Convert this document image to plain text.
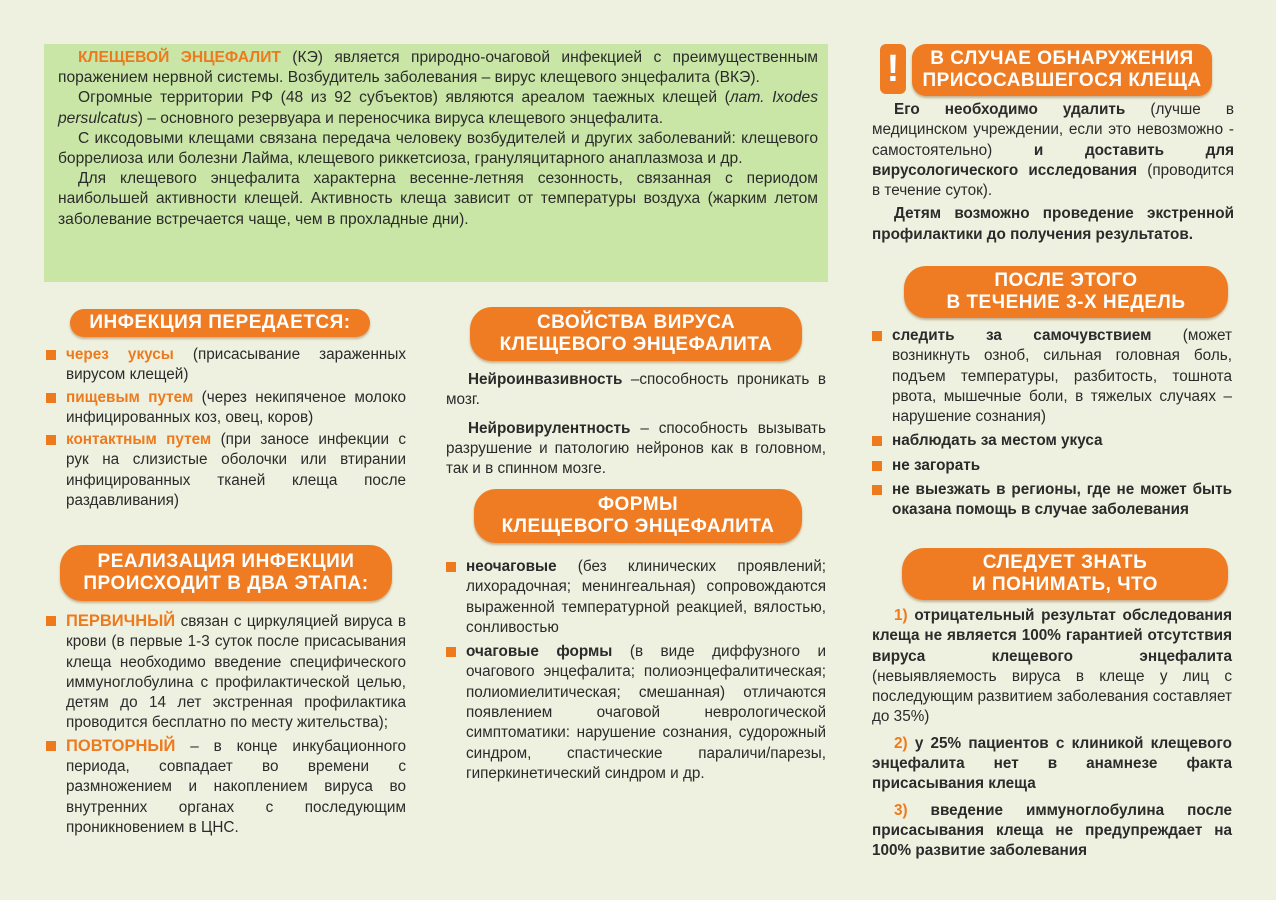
КЛЕЩЕВОЙ ЭНЦЕФАЛИТ (КЭ) является природно-очаговой инфекцией с преимущественным поражением нервной системы. Возбудитель заболевания – вирус клещевого энцефалита (ВКЭ).

Огромные территории РФ (48 из 92 субъектов) являются ареалом таежных клещей (лат. Ixodes persulcatus) – основного резервуара и переносчика вируса клещевого энцефалита.

С иксодовыми клещами связана передача человеку возбудителей и других заболеваний: клещевого боррелиоза или болезни Лайма, клещевого риккетсиоза, грануляцитарного анаплазмоза и др.

Для клещевого энцефалита характерна весенне-летняя сезонность, связанная с периодом наибольшей активности клещей. Активность клеща зависит от температуры воздуха (жарким летом заболевание встречается чаще, чем в прохладные дни).

ИНФЕКЦИЯ ПЕРЕДАЕТСЯ:
через укусы (присасывание зараженных вирусом клещей)
пищевым путем (через некипяченое молоко инфицированных коз, овец, коров)
контактным путем (при заносе инфекции с рук на слизистые оболочки или втирании инфицированных тканей клеща после раздавливания)
РЕАЛИЗАЦИЯ ИНФЕКЦИИ
ПРОИСХОДИТ В ДВА ЭТАПА:
ПЕРВИЧНЫЙ связан с циркуляцией вируса в крови (в первые 1-3 суток после присасывания клеща необходимо введение специфического иммуноглобулина с профилактической целью, детям до 14 лет экстренная профилактика проводится бесплатно по месту жительства);
ПОВТОРНЫЙ – в конце инкубационного периода, совпадает во времени с размножением и накоплением вируса во внутренних органах с последующим проникновением в ЦНС.
СВОЙСТВА ВИРУСА
КЛЕЩЕВОГО ЭНЦЕФАЛИТА

Нейроинвазивность –способность проникать в мозг.

Нейровирулентность – способность вызывать разрушение и патологию нейронов как в головном, так и в спинном мозге.

ФОРМЫ
КЛЕЩЕВОГО ЭНЦЕФАЛИТА
неочаговые (без клинических проявлений; лихорадочная; менингеальная) сопровождаются выраженной температурной реакцией, вялостью, сонливостью
очаговые формы (в виде диффузного и очагового энцефалита; полиоэнцефалитическая; полиомиелитическая; смешанная) отличаются появлением очаговой неврологической симптоматики: нарушение сознания, судорожный синдром, спастические параличи/парезы, гиперкинетический синдром и др.
!	В СЛУЧАЕ ОБНАРУЖЕНИЯ
ПРИСОСАВШЕГОСЯ КЛЕЩА

Его необходимо удалить (лучше в медицинском учреждении, если это невозможно - самостоятельно) и доставить для вирусологического исследования (проводится в течение суток).

Детям возможно проведение экстренной профилактики до получения результатов.

ПОСЛЕ ЭТОГО
В ТЕЧЕНИЕ 3-Х НЕДЕЛЬ
следить за самочувствием (может возникнуть озноб, сильная головная боль, подъем температуры, разбитость, тошнота рвота, мышечные боли, в тяжелых случаях – нарушение сознания)
наблюдать за местом укуса
не загорать
не выезжать в регионы, где не может быть оказана помощь в случае заболевания
СЛЕДУЕТ ЗНАТЬ
И ПОНИМАТЬ, ЧТО

1) отрицательный результат обследования клеща не является 100% гарантией отсутствия вируса клещевого энцефалита (невыявляемость вируса в клеще у лиц с последующим развитием заболевания составляет до 35%)

2) у 25% пациентов с клиникой клещевого энцефалита нет в анамнезе факта присасывания клеща

3) введение иммуноглобулина после присасывания клеща не предупреждает на 100% развитие заболевания
